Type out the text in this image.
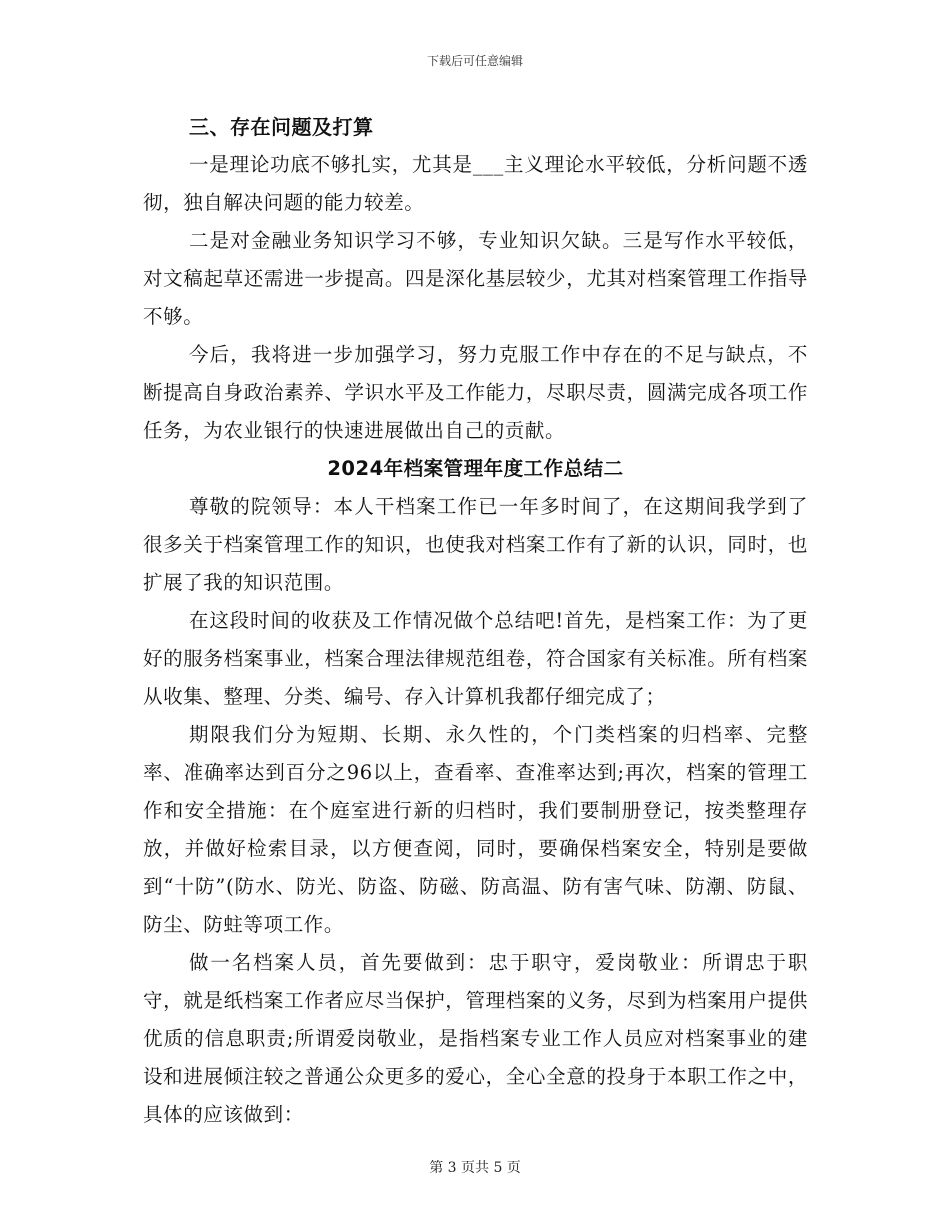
下载后可任意编辑

三、存在问题及打算

一是理论功底不够扎实，尤其是___主义理论水平较低，分析问题不透彻，独自解决问题的能力较差。

二是对金融业务知识学习不够，专业知识欠缺。三是写作水平较低，对文稿起草还需进一步提高。四是深化基层较少，尤其对档案管理工作指导不够。

今后，我将进一步加强学习，努力克服工作中存在的不足与缺点，不断提高自身政治素养、学识水平及工作能力，尽职尽责，圆满完成各项工作任务，为农业银行的快速进展做出自己的贡献。

2024年档案管理年度工作总结二

尊敬的院领导：本人干档案工作已一年多时间了，在这期间我学到了很多关于档案管理工作的知识，也使我对档案工作有了新的认识，同时，也扩展了我的知识范围。

在这段时间的收获及工作情况做个总结吧!首先，是档案工作：为了更好的服务档案事业，档案合理法律规范组卷，符合国家有关标准。所有档案从收集、整理、分类、编号、存入计算机我都仔细完成了；

期限我们分为短期、长期、永久性的，个门类档案的归档率、完整率、准确率达到百分之96以上，查看率、查准率达到;再次，档案的管理工作和安全措施：在个庭室进行新的归档时，我们要制册登记，按类整理存放，并做好检索目录，以方便查阅，同时，要确保档案安全，特别是要做到“十防”(防水、防光、防盗、防磁、防高温、防有害气味、防潮、防鼠、防尘、防蛀等项工作。

做一名档案人员，首先要做到：忠于职守，爱岗敬业：所谓忠于职守，就是纸档案工作者应尽当保护，管理档案的义务，尽到为档案用户提供优质的信息职责;所谓爱岗敬业，是指档案专业工作人员应对档案事业的建设和进展倾注较之普通公众更多的爱心，全心全意的投身于本职工作之中，具体的应该做到：

第 3 页共 5 页
